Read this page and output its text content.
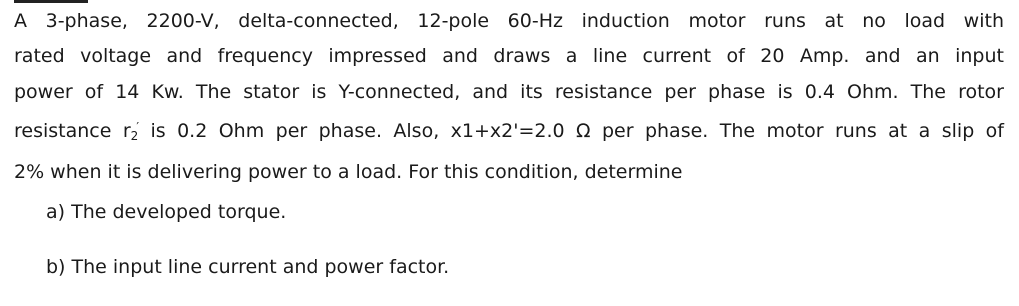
A 3-phase, 2200-V, delta-connected, 12-pole 60-Hz induction motor runs at no load with
rated voltage and frequency impressed and draws a line current of 20 Amp. and an input
power of 14 Kw. The stator is Y-connected, and its resistance per phase is 0.4 Ohm. The rotor
resistance $r_2'$ is 0.2 Ohm per phase. Also, x1+x2'=2.0 Ω per phase. The motor runs at a slip of
2% when it is delivering power to a load. For this condition, determine
a) The developed torque.
b) The input line current and power factor.
